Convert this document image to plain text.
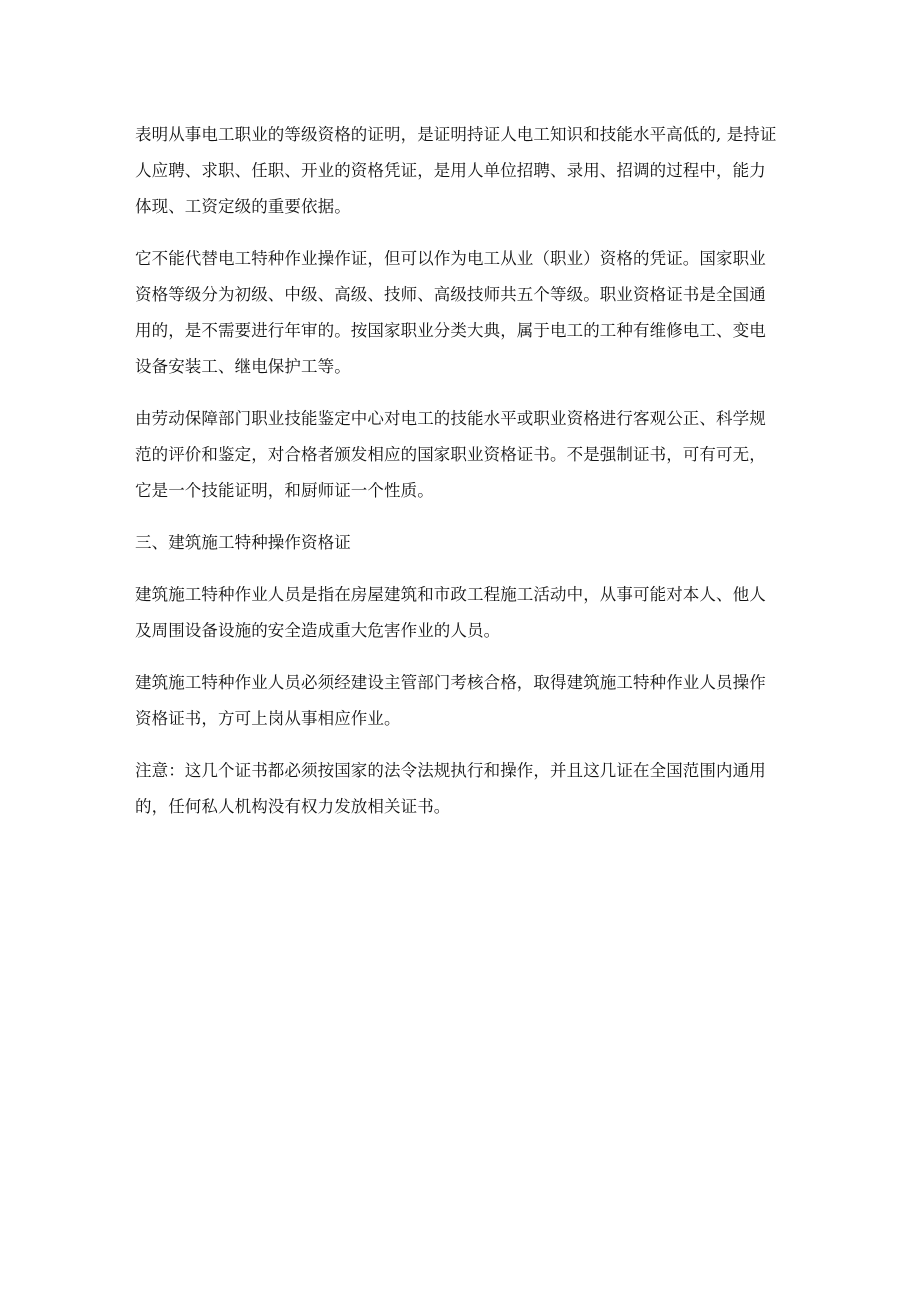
表明从事电工职业的等级资格的证明，是证明持证人电工知识和技能水平高低的, 是持证
人应聘、求职、任职、开业的资格凭证，是用人单位招聘、录用、招调的过程中，能力
体现、工资定级的重要依据。

它不能代替电工特种作业操作证，但可以作为电工从业（职业）资格的凭证。国家职业
资格等级分为初级、中级、高级、技师、高级技师共五个等级。职业资格证书是全国通
用的，是不需要进行年审的。按国家职业分类大典，属于电工的工种有维修电工、变电
设备安装工、继电保护工等。

由劳动保障部门职业技能鉴定中心对电工的技能水平或职业资格进行客观公正、科学规
范的评价和鉴定，对合格者颁发相应的国家职业资格证书。不是强制证书，可有可无，
它是一个技能证明，和厨师证一个性质。

三、建筑施工特种操作资格证

建筑施工特种作业人员是指在房屋建筑和市政工程施工活动中，从事可能对本人、他人
及周围设备设施的安全造成重大危害作业的人员。

建筑施工特种作业人员必须经建设主管部门考核合格，取得建筑施工特种作业人员操作
资格证书，方可上岗从事相应作业。

注意：这几个证书都必须按国家的法令法规执行和操作，并且这几证在全国范围内通用
的，任何私人机构没有权力发放相关证书。
